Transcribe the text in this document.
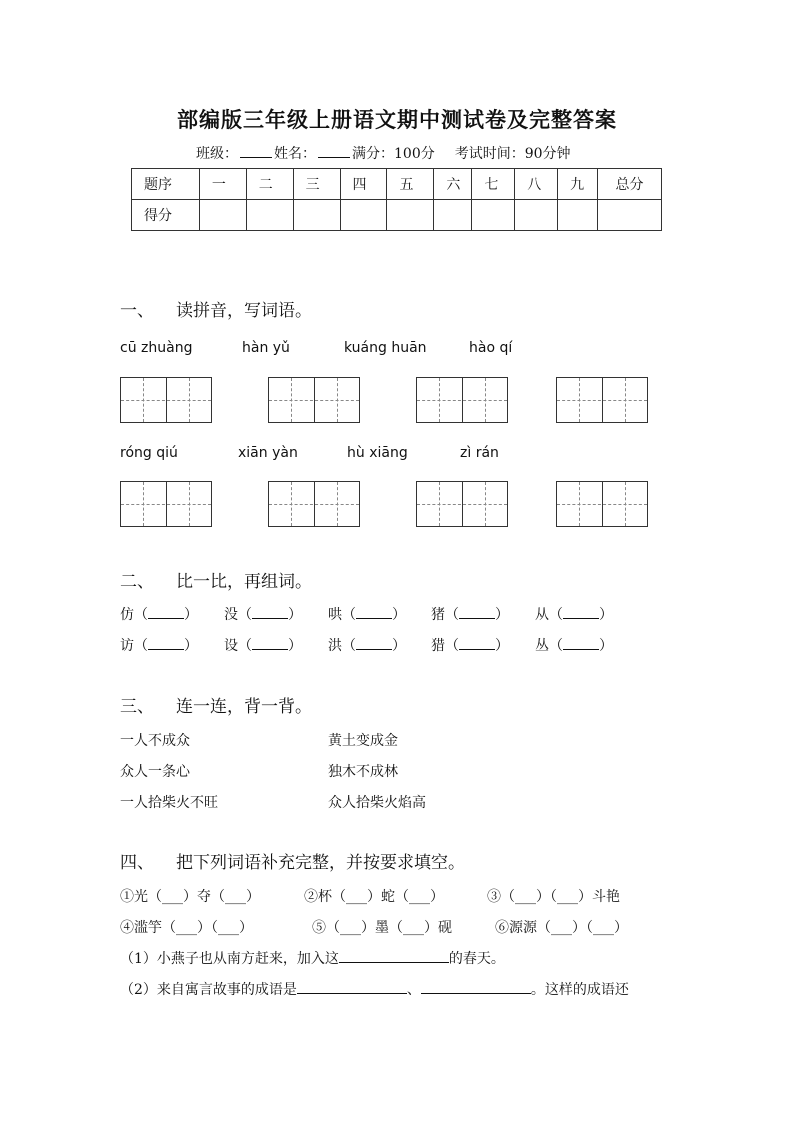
部编版三年级上册语文期中测试卷及完整答案
班级：	姓名：	满分：100分 考试时间：90分钟
题序	一	二	三	四	五	六	七	八	九	总分
得分										
一、 读拼音，写词语。
cū zhuàng	hàn yǔ	kuáng huān	hào qí
róng qiú	xiān yàn	hù xiāng	zì rán
二、 比一比，再组词。
仿（	） 没（	） 哄（	） 猪（	） 从（	）
访（	） 设（	） 洪（	） 猎（	） 丛（	）
三、 连一连，背一背。
一人不成众
众人一条心
一人拾柴火不旺
黄土变成金
独木不成林
众人拾柴火焰高
四、 把下列词语补充完整，并按要求填空。
①光（___）夺（___）	②杯（___）蛇（___）	③（___）（___）斗艳
④滥竽（___）（___）	⑤（___）墨（___）砚	⑥源源（___）（___）
（1）小燕子也从南方赶来，加入这	的春天。
（2）来自寓言故事的成语是	、	。这样的成语还
